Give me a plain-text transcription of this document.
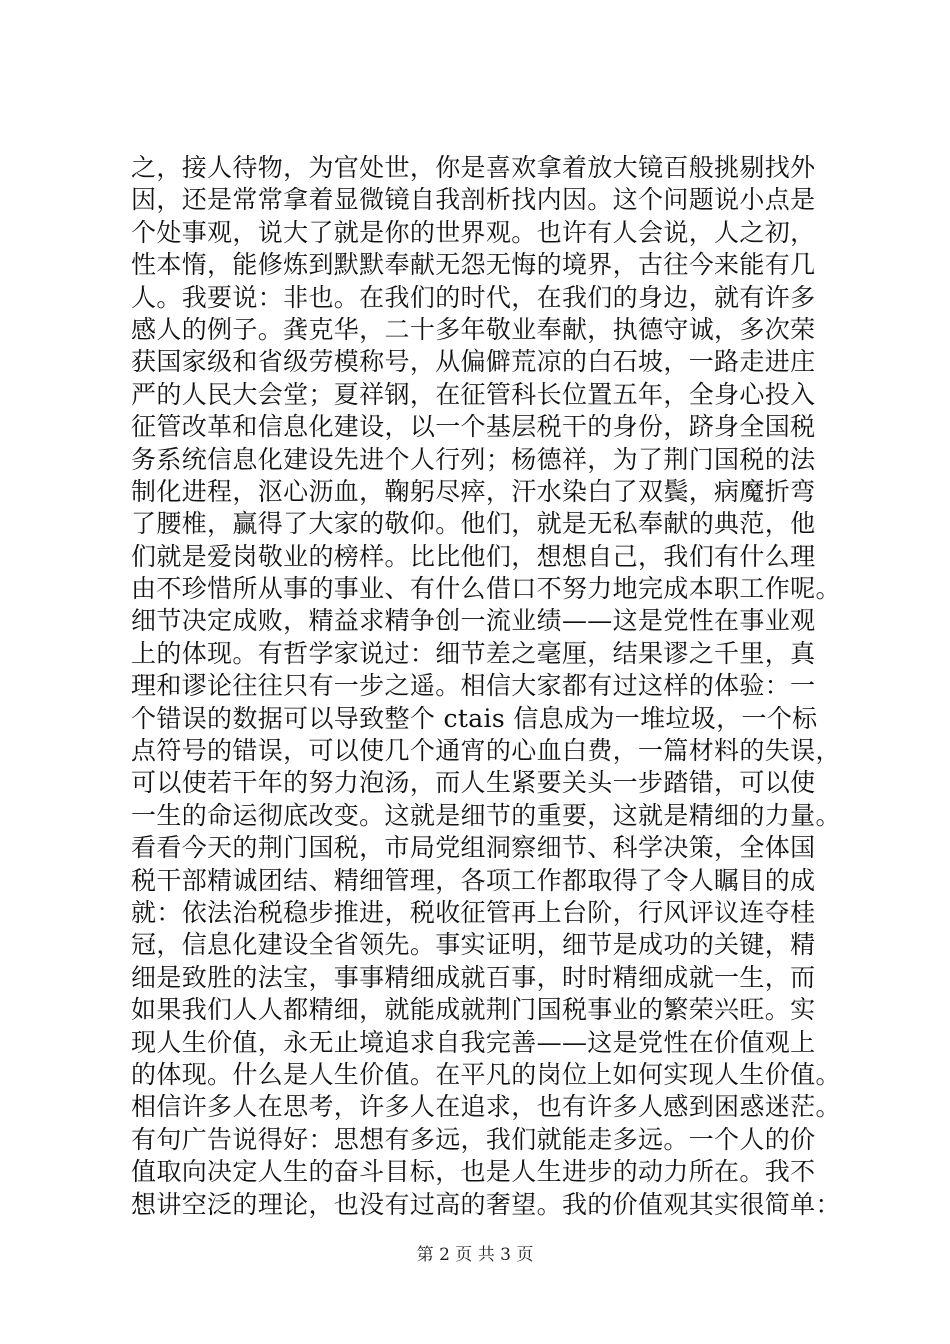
之，接人待物，为官处世，你是喜欢拿着放大镜百般挑剔找外
因，还是常常拿着显微镜自我剖析找内因。这个问题说小点是
个处事观，说大了就是你的世界观。也许有人会说，人之初，
性本惰，能修炼到默默奉献无怨无悔的境界，古往今来能有几
人。我要说：非也。在我们的时代，在我们的身边，就有许多
感人的例子。龚克华，二十多年敬业奉献，执德守诚，多次荣
获国家级和省级劳模称号，从偏僻荒凉的白石坡，一路走进庄
严的人民大会堂；夏祥钢，在征管科长位置五年，全身心投入
征管改革和信息化建设，以一个基层税干的身份，跻身全国税
务系统信息化建设先进个人行列；杨德祥，为了荆门国税的法
制化进程，沤心沥血，鞠躬尽瘁，汗水染白了双鬓，病魔折弯
了腰椎，赢得了大家的敬仰。他们，就是无私奉献的典范，他
们就是爱岗敬业的榜样。比比他们，想想自己，我们有什么理
由不珍惜所从事的事业、有什么借口不努力地完成本职工作呢。
细节决定成败，精益求精争创一流业绩——这是党性在事业观
上的体现。有哲学家说过：细节差之毫厘，结果谬之千里，真
理和谬论往往只有一步之遥。相信大家都有过这样的体验：一
个错误的数据可以导致整个 ctais 信息成为一堆垃圾，一个标
点符号的错误，可以使几个通宵的心血白费，一篇材料的失误，
可以使若干年的努力泡汤，而人生紧要关头一步踏错，可以使
一生的命运彻底改变。这就是细节的重要，这就是精细的力量。
看看今天的荆门国税，市局党组洞察细节、科学决策，全体国
税干部精诚团结、精细管理，各项工作都取得了令人瞩目的成
就：依法治税稳步推进，税收征管再上台阶，行风评议连夺桂
冠，信息化建设全省领先。事实证明，细节是成功的关键，精
细是致胜的法宝，事事精细成就百事，时时精细成就一生，而
如果我们人人都精细，就能成就荆门国税事业的繁荣兴旺。实
现人生价值，永无止境追求自我完善——这是党性在价值观上
的体现。什么是人生价值。在平凡的岗位上如何实现人生价值。
相信许多人在思考，许多人在追求，也有许多人感到困惑迷茫。
有句广告说得好：思想有多远，我们就能走多远。一个人的价
值取向决定人生的奋斗目标，也是人生进步的动力所在。我不
想讲空泛的理论，也没有过高的奢望。我的价值观其实很简单：
第 2 页 共 3 页
